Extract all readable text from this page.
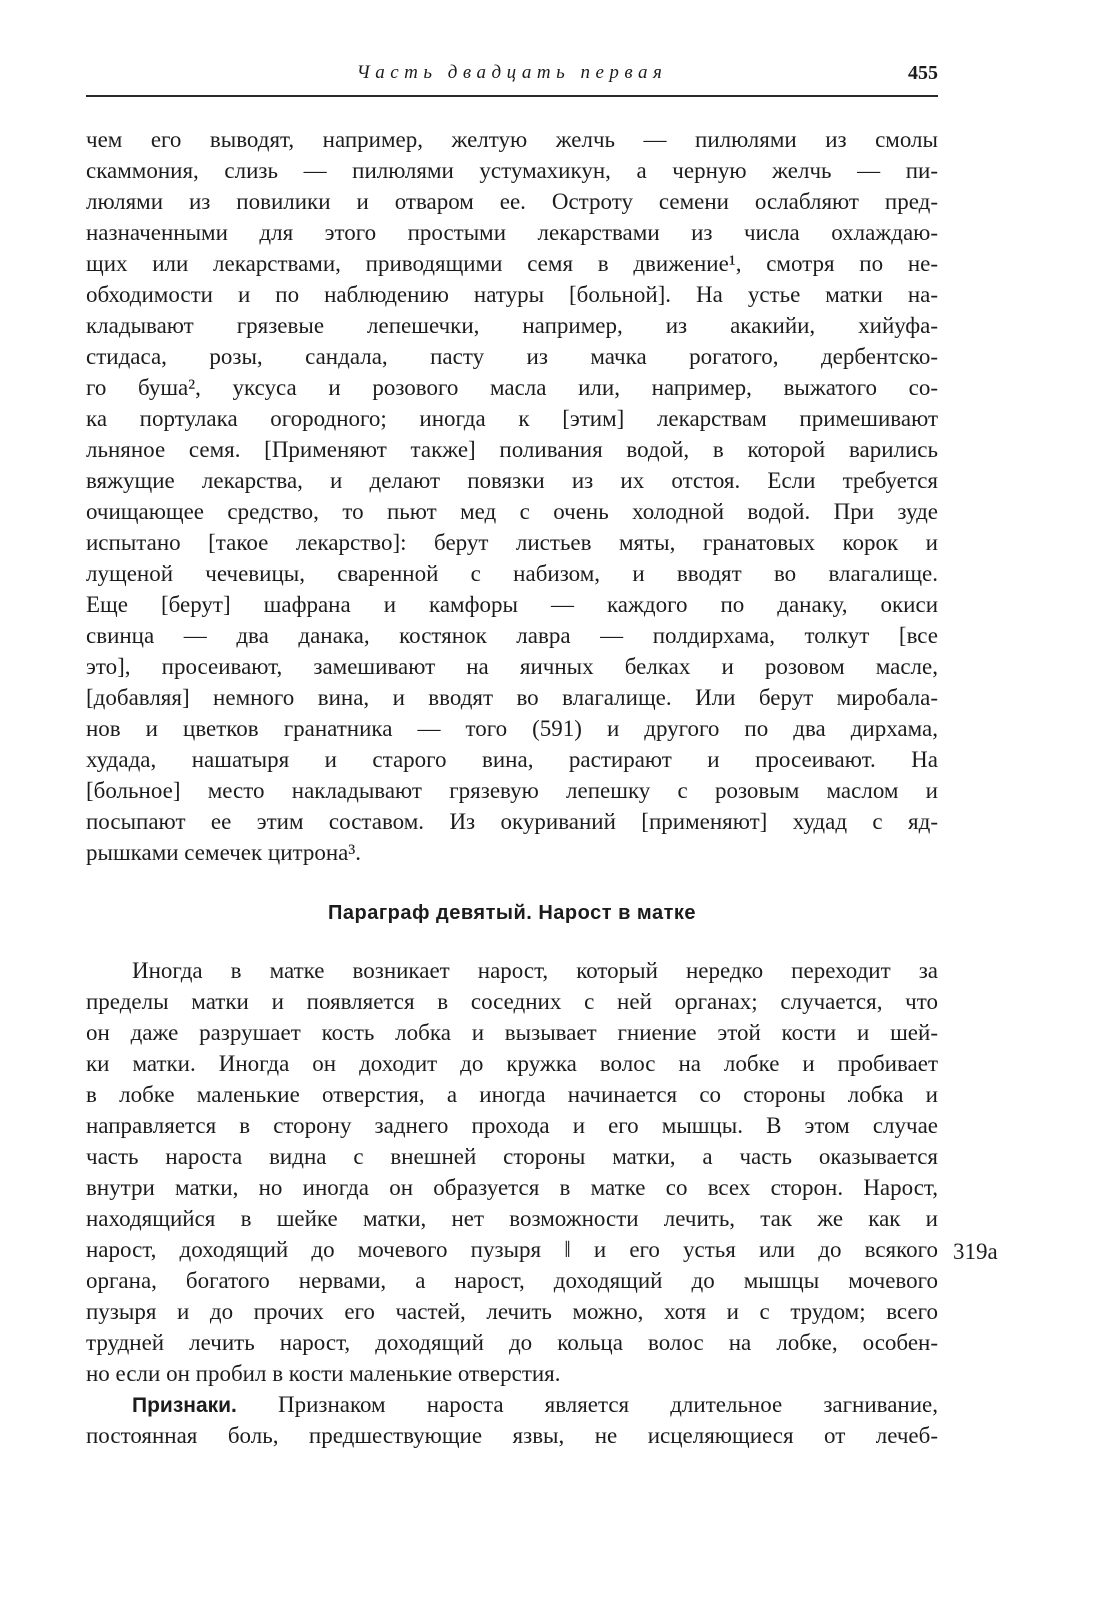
Часть двадцать первая	455
чем его выводят, например, желтую желчь — пилюлями из смолы
скаммония, слизь — пилюлями устумахикун, а черную желчь — пи-
люлями из повилики и отваром ее. Остроту семени ослабляют пред-
назначенными для этого простыми лекарствами из числа охлаждаю-
щих или лекарствами, приводящими семя в движение¹, смотря по не-
обходимости и по наблюдению натуры [больной]. На устье матки на-
кладывают грязевые лепешечки, например, из акакийи, хийуфа-
стидаса, розы, сандала, пасту из мачка рогатого, дербентско-
го буша², уксуса и розового масла или, например, выжатого со-
ка портулака огородного; иногда к [этим] лекарствам примешивают
льняное семя. [Применяют также] поливания водой, в которой варились
вяжущие лекарства, и делают повязки из их отстоя. Если требуется
очищающее средство, то пьют мед с очень холодной водой. При зуде
испытано [такое лекарство]: берут листьев мяты, гранатовых корок и
лущеной чечевицы, сваренной с набизом, и вводят во влагалище.
Еще [берут] шафрана и камфоры — каждого по данаку, окиси
свинца — два данака, костянок лавра — полдирхама, толкут [все
это], просеивают, замешивают на яичных белках и розовом масле,
[добавляя] немного вина, и вводят во влагалище. Или берут миробала-
нов и цветков гранатника — того (591) и другого по два дирхама,
худада, нашатыря и старого вина, растирают и просеивают. На
[больное] место накладывают грязевую лепешку с розовым маслом и
посыпают ее этим составом. Из окуриваний [применяют] худад с яд-
рышками семечек цитрона³.
Параграф девятый. Нарост в матке
Иногда в матке возникает нарост, который нередко переходит за
пределы матки и появляется в соседних с ней органах; случается, что
он даже разрушает кость лобка и вызывает гниение этой кости и шей-
ки матки. Иногда он доходит до кружка волос на лобке и пробивает
в лобке маленькие отверстия, а иногда начинается со стороны лобка и
направляется в сторону заднего прохода и его мышцы. В этом случае
часть нароста видна с внешней стороны матки, а часть оказывается
внутри матки, но иногда он образуется в матке со всех сторон. Нарост,
находящийся в шейке матки, нет возможности лечить, так же как и
нарост, доходящий до мочевого пузыря ‖ и его устья или до всякого
органа, богатого нервами, а нарост, доходящий до мышцы мочевого
пузыря и до прочих его частей, лечить можно, хотя и с трудом; всего
трудней лечить нарост, доходящий до кольца волос на лобке, особен-
но если он пробил в кости маленькие отверстия.
Признаки. Признаком нароста является длительное загнивание,
постоянная боль, предшествующие язвы, не исцеляющиеся от лечеб-
319a
